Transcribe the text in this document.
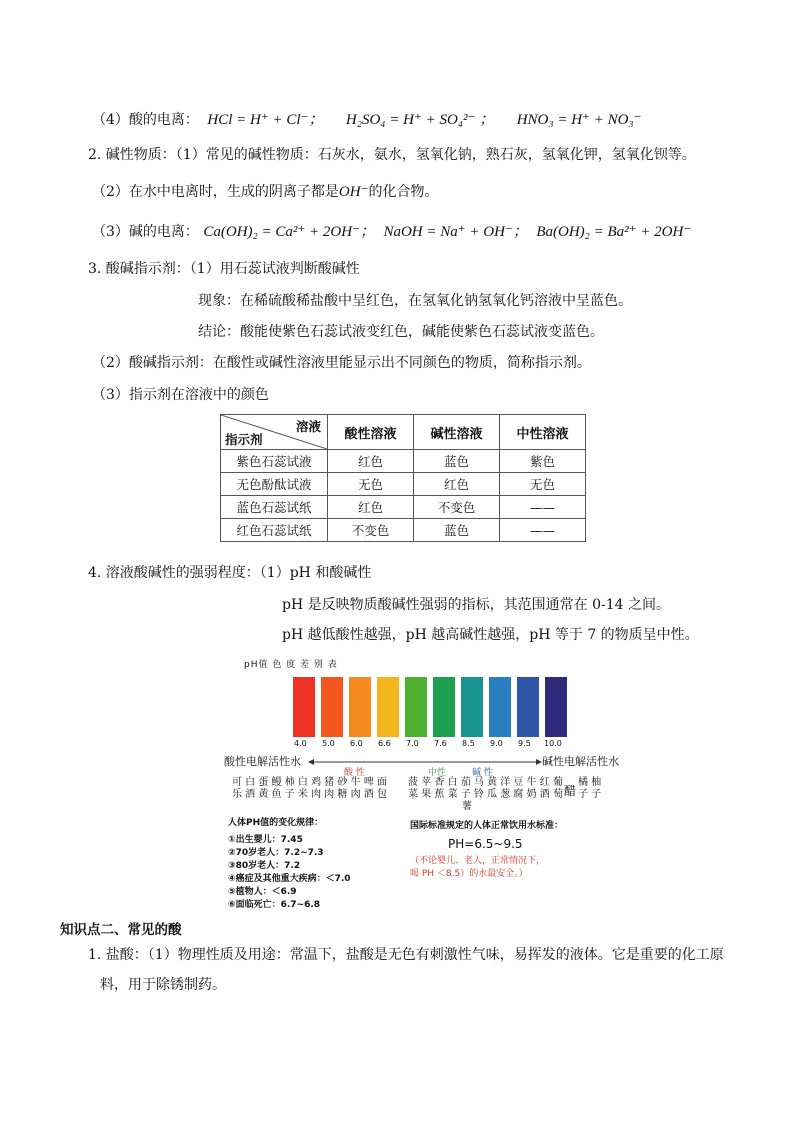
（4）酸的电离： HCl = H⁺ + Cl⁻； H₂SO₄ = H⁺ + SO₄²⁻ ； HNO₃ = H⁺ + NO₃⁻
2. 碱性物质：（1）常见的碱性物质：石灰水，氨水，氢氧化钠，熟石灰，氢氧化钾，氢氧化钡等。
（2）在水中电离时，生成的阴离子都是OH⁻的化合物。
（3）碱的电离： Ca(OH)₂ = Ca²⁺ + 2OH⁻； NaOH = Na⁺ + OH⁻； Ba(OH)₂ = Ba²⁺ + 2OH⁻
3. 酸碱指示剂：（1）用石蕊试液判断酸碱性
现象：在稀硫酸稀盐酸中呈红色，在氢氧化钠氢氧化钙溶液中呈蓝色。
结论：酸能使紫色石蕊试液变红色，碱能使紫色石蕊试液变蓝色。
（2）酸碱指示剂：在酸性或碱性溶液里能显示出不同颜色的物质，简称指示剂。
（3）指示剂在溶液中的颜色
溶液
指示剂	酸性溶液	碱性溶液	中性溶液
紫色石蕊试液	红色	蓝色	紫色
无色酚酞试液	无色	红色	无色
蓝色石蕊试纸	红色	不变色	——
红色石蕊试纸	不变色	蓝色	——
4. 溶液酸碱性的强弱程度：（1）pH 和酸碱性
pH 是反映物质酸碱性强弱的指标，其范围通常在 0-14 之间。
pH 越低酸性越强，pH 越高碱性越强，pH 等于 7 的物质呈中性。
pH值 色 度 差 别 表
4.0 5.0 6.0 6.6 7.0 7.6 8.5 9.0 9.5 10.0
酸性电解活性水	碱性电解活性水
酸 性	中性	碱 性
可 白 蛋 鳗 柿 白 鸡 猪 砂 牛 啤 面
乐 酒 黄 鱼 子 米 肉 肉 糖 肉 酒 包
菠 苹 香 白 茄 马 黄 洋 豆 牛 红 葡
菜 果 蕉 菜 子 铃 瓜 葱 腐 奶 酒 萄
薯
醋
橘 柚
子 子
人体PH值的变化规律：
①出生婴儿：7.45
②70岁老人：7.2~7.3
③80岁老人：7.2
④癌症及其他重大疾病：＜7.0
⑤植物人：＜6.9
⑥面临死亡：6.7~6.8
国际标准规定的人体正常饮用水标准：
PH=6.5~9.5
（不论婴儿、老人，正常情况下，
喝 PH ＜8.5）的水最安全。）
知识点二、常见的酸
1. 盐酸：（1）物理性质及用途：常温下，盐酸是无色有刺激性气味，易挥发的液体。它是重要的化工原
料，用于除锈制药。
